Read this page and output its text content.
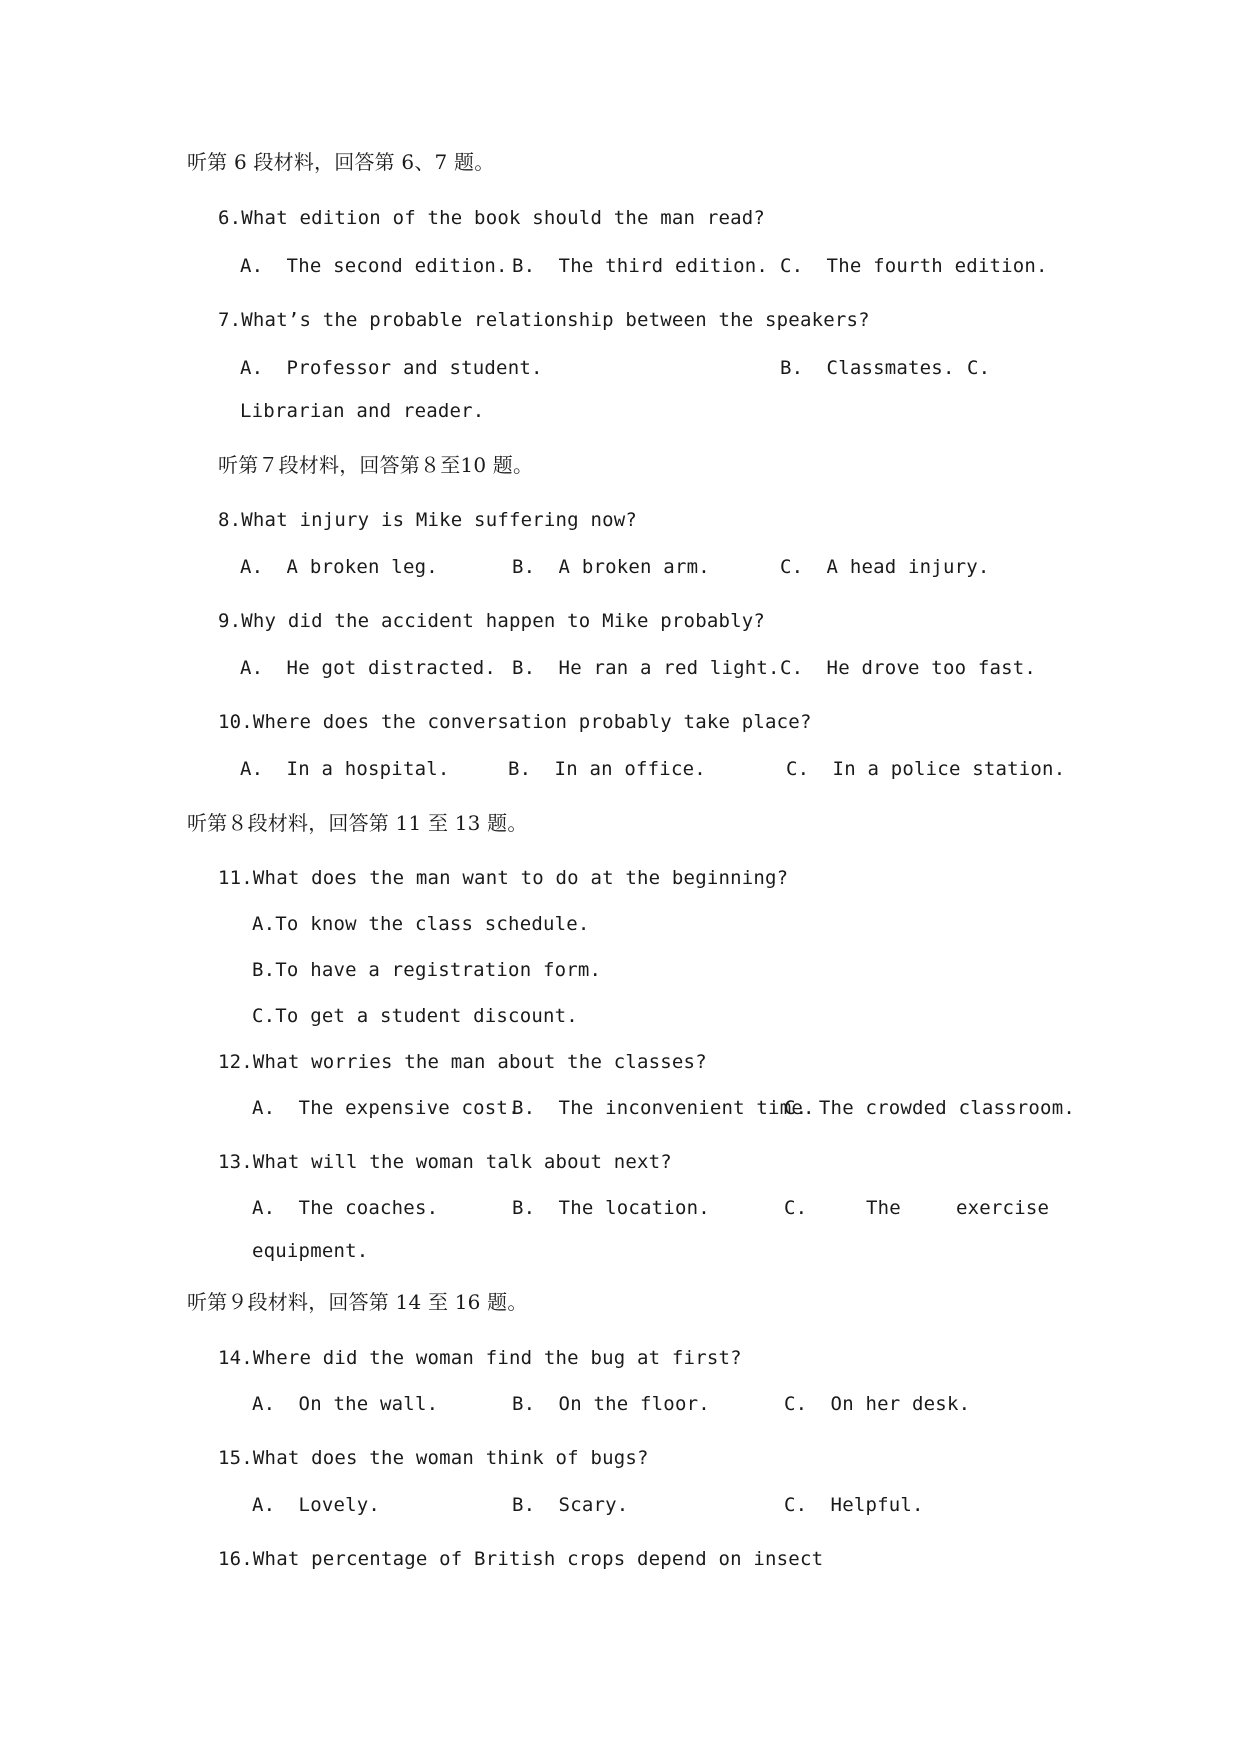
听第 6 段材料，回答第 6、7 题。
6.What edition of the book should the man read?
A.  The second edition. B.  The third edition. C.  The fourth edition.
7.What’s the probable relationship between the speakers?
A.  Professor and student.	B.  Classmates. C.
Librarian and reader.
听第７段材料，回答第８至10 题。
8.What injury is Mike suffering now?
A.  A broken leg.	B.  A broken arm.	C.  A head injury.
9.Why did the accident happen to Mike probably?
A.  He got distracted. B.  He ran a red light. C.  He drove too fast.
10.Where does the conversation probably take place?
A.  In a hospital.	B.  In an office.	C.  In a police station.
听第８段材料，回答第 11 至 13 题。
11.What does the man want to do at the beginning?
A.To know the class schedule.
B.To have a registration form.
C.To get a student discount.
12.What worries the man about the classes?
A.  The expensive cost.
B.  The inconvenient time.
C. The crowded classroom.
13.What will the woman talk about next?
A.  The coaches.	B.  The location.	C.	The	exercise
equipment.
听第９段材料，回答第 14 至 16 题。
14.Where did the woman find the bug at first?
A.  On the wall.	B.  On the floor.	C.  On her desk.
15.What does the woman think of bugs?
A.  Lovely.	B.  Scary.	C.  Helpful.
16.What percentage of British crops depend on insect
